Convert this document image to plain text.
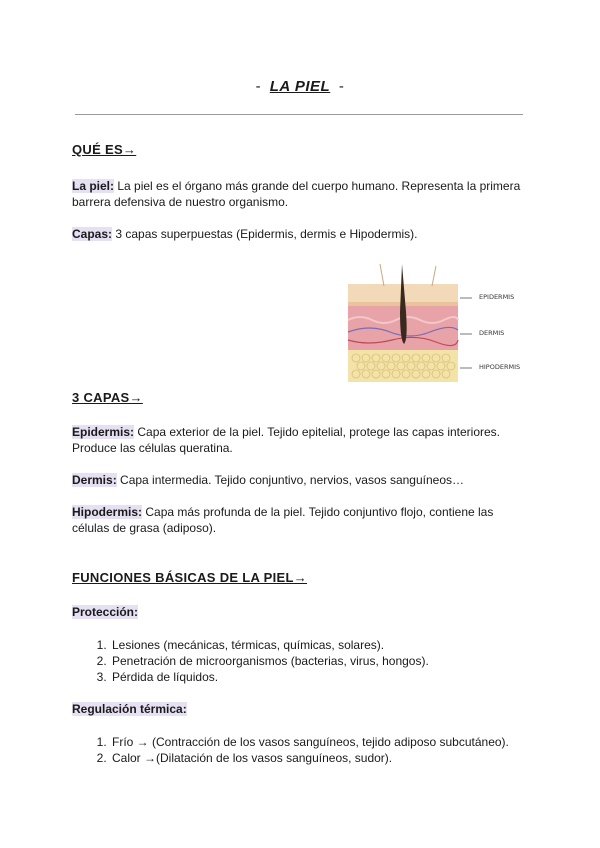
- LA PIEL -
QUÉ ES→
La piel: La piel es el órgano más grande del cuerpo humano. Representa la primera barrera defensiva de nuestro organismo.
Capas: 3 capas superpuestas (Epidermis, dermis e Hipodermis).
EPIDERMIS
DERMIS
HIPODERMIS
3 CAPAS→
Epidermis: Capa exterior de la piel. Tejido epitelial, protege las capas interiores. Produce las células queratina.
Dermis: Capa intermedia. Tejido conjuntivo, nervios, vasos sanguíneos…
Hipodermis: Capa más profunda de la piel. Tejido conjuntivo flojo, contiene las células de grasa (adiposo).
FUNCIONES BÁSICAS DE LA PIEL→
Protección:
1. Lesiones (mecánicas, térmicas, químicas, solares).
2. Penetración de microorganismos (bacterias, virus, hongos).
3. Pérdida de líquidos.
Regulación térmica:
1. Frío → (Contracción de los vasos sanguíneos, tejido adiposo subcutáneo).
2. Calor →(Dilatación de los vasos sanguíneos, sudor).
